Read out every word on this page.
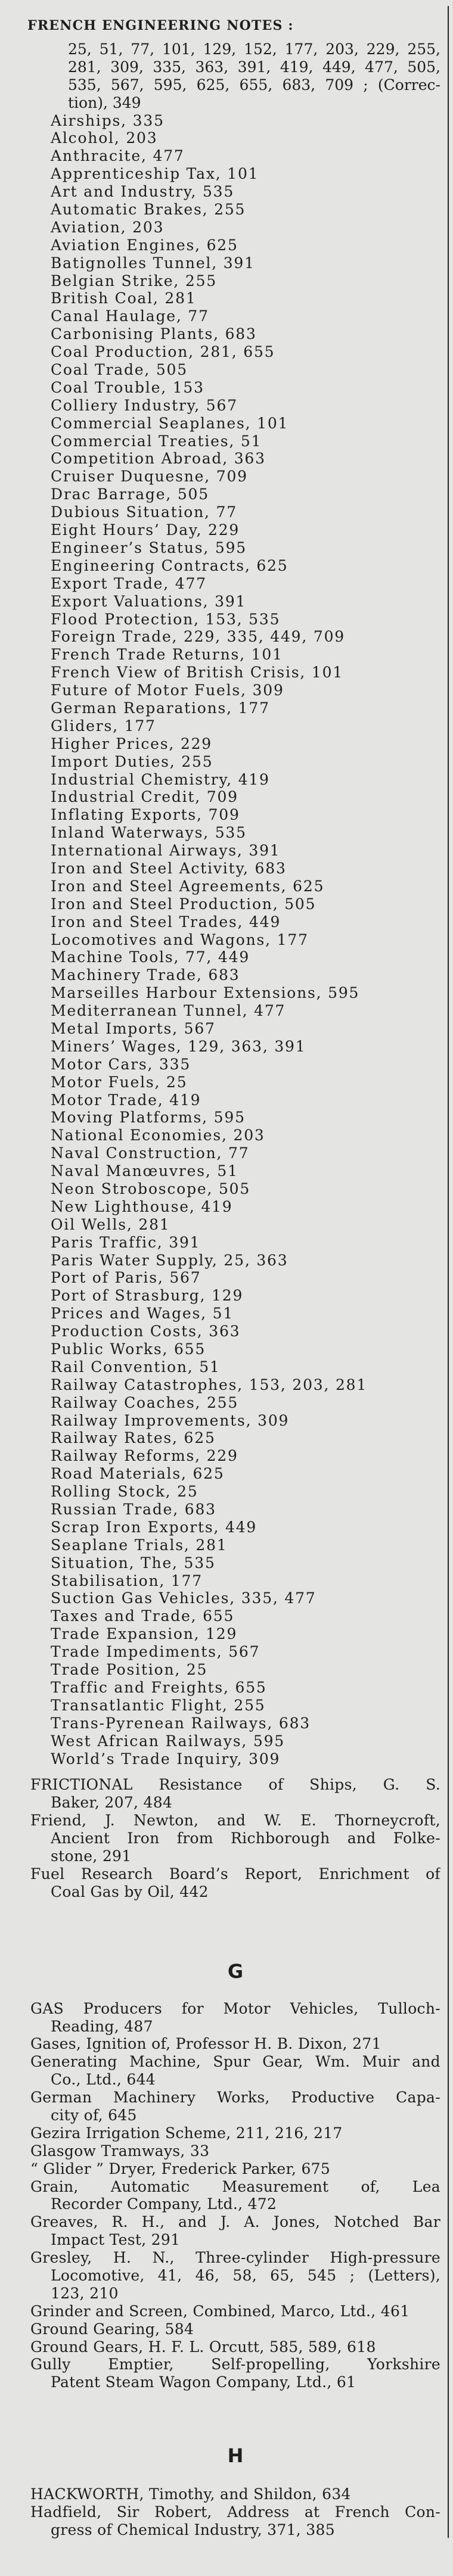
FRENCH ENGINEERING NOTES :
25, 51, 77, 101, 129, 152, 177, 203, 229, 255,
281, 309, 335, 363, 391, 419, 449, 477, 505,
535, 567, 595, 625, 655, 683, 709 ; (Correc-
tion), 349
Airships, 335
Alcohol, 203
Anthracite, 477
Apprenticeship Tax, 101
Art and Industry, 535
Automatic Brakes, 255
Aviation, 203
Aviation Engines, 625
Batignolles Tunnel, 391
Belgian Strike, 255
British Coal, 281
Canal Haulage, 77
Carbonising Plants, 683
Coal Production, 281, 655
Coal Trade, 505
Coal Trouble, 153
Colliery Industry, 567
Commercial Seaplanes, 101
Commercial Treaties, 51
Competition Abroad, 363
Cruiser Duquesne, 709
Drac Barrage, 505
Dubious Situation, 77
Eight Hours’ Day, 229
Engineer’s Status, 595
Engineering Contracts, 625
Export Trade, 477
Export Valuations, 391
Flood Protection, 153, 535
Foreign Trade, 229, 335, 449, 709
French Trade Returns, 101
French View of British Crisis, 101
Future of Motor Fuels, 309
German Reparations, 177
Gliders, 177
Higher Prices, 229
Import Duties, 255
Industrial Chemistry, 419
Industrial Credit, 709
Inflating Exports, 709
Inland Waterways, 535
International Airways, 391
Iron and Steel Activity, 683
Iron and Steel Agreements, 625
Iron and Steel Production, 505
Iron and Steel Trades, 449
Locomotives and Wagons, 177
Machine Tools, 77, 449
Machinery Trade, 683
Marseilles Harbour Extensions, 595
Mediterranean Tunnel, 477
Metal Imports, 567
Miners’ Wages, 129, 363, 391
Motor Cars, 335
Motor Fuels, 25
Motor Trade, 419
Moving Platforms, 595
National Economies, 203
Naval Construction, 77
Naval Manœuvres, 51
Neon Stroboscope, 505
New Lighthouse, 419
Oil Wells, 281
Paris Traffic, 391
Paris Water Supply, 25, 363
Port of Paris, 567
Port of Strasburg, 129
Prices and Wages, 51
Production Costs, 363
Public Works, 655
Rail Convention, 51
Railway Catastrophes, 153, 203, 281
Railway Coaches, 255
Railway Improvements, 309
Railway Rates, 625
Railway Reforms, 229
Road Materials, 625
Rolling Stock, 25
Russian Trade, 683
Scrap Iron Exports, 449
Seaplane Trials, 281
Situation, The, 535
Stabilisation, 177
Suction Gas Vehicles, 335, 477
Taxes and Trade, 655
Trade Expansion, 129
Trade Impediments, 567
Trade Position, 25
Traffic and Freights, 655
Transatlantic Flight, 255
Trans-Pyrenean Railways, 683
West African Railways, 595
World’s Trade Inquiry, 309
FRICTIONAL Resistance of Ships, G. S.
Baker, 207, 484
Friend, J. Newton, and W. E. Thorneycroft,
Ancient Iron from Richborough and Folke-
stone, 291
Fuel Research Board’s Report, Enrichment of
Coal Gas by Oil, 442
G
GAS Producers for Motor Vehicles, Tulloch-
Reading, 487
Gases, Ignition of, Professor H. B. Dixon, 271
Generating Machine, Spur Gear, Wm. Muir and
Co., Ltd., 644
German Machinery Works, Productive Capa-
city of, 645
Gezira Irrigation Scheme, 211, 216, 217
Glasgow Tramways, 33
“ Glider ” Dryer, Frederick Parker, 675
Grain, Automatic Measurement of, Lea
Recorder Company, Ltd., 472
Greaves, R. H., and J. A. Jones, Notched Bar
Impact Test, 291
Gresley, H. N., Three-cylinder High-pressure
Locomotive, 41, 46, 58, 65, 545 ; (Letters),
123, 210
Grinder and Screen, Combined, Marco, Ltd., 461
Ground Gearing, 584
Ground Gears, H. F. L. Orcutt, 585, 589, 618
Gully Emptier, Self-propelling, Yorkshire
Patent Steam Wagon Company, Ltd., 61
H
HACKWORTH, Timothy, and Shildon, 634
Hadfield, Sir Robert, Address at French Con-
gress of Chemical Industry, 371, 385
